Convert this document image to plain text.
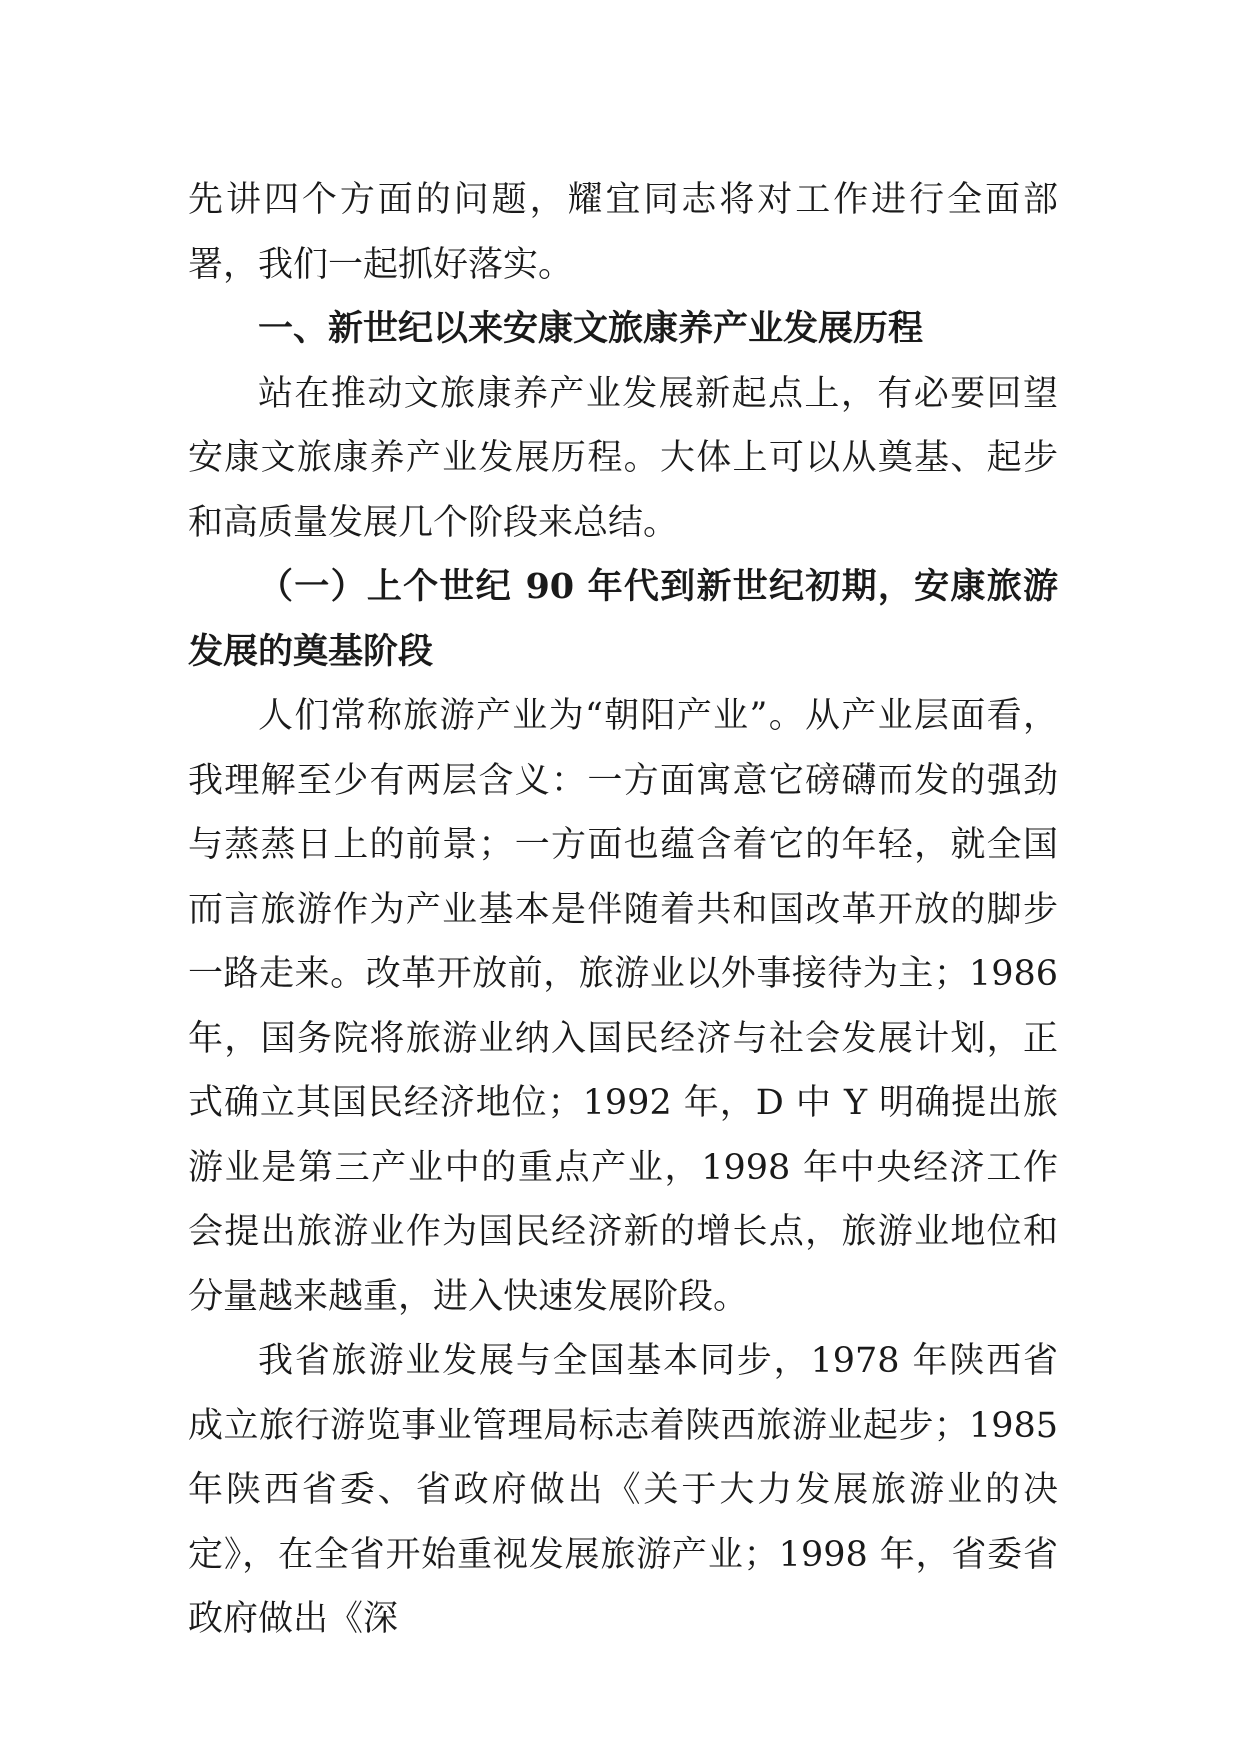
先讲四个方面的问题，耀宜同志将对工作进行全面部署，我们一起抓好落实。

一、新世纪以来安康文旅康养产业发展历程

站在推动文旅康养产业发展新起点上，有必要回望安康文旅康养产业发展历程。大体上可以从奠基、起步和高质量发展几个阶段来总结。

（一）上个世纪 90 年代到新世纪初期，安康旅游发展的奠基阶段

人们常称旅游产业为“朝阳产业”。从产业层面看，我理解至少有两层含义：一方面寓意它磅礴而发的强劲与蒸蒸日上的前景；一方面也蕴含着它的年轻，就全国而言旅游作为产业基本是伴随着共和国改革开放的脚步一路走来。改革开放前，旅游业以外事接待为主；1986 年，国务院将旅游业纳入国民经济与社会发展计划，正式确立其国民经济地位；1992 年，D 中 Y 明确提出旅游业是第三产业中的重点产业，1998 年中央经济工作会提出旅游业作为国民经济新的增长点，旅游业地位和分量越来越重，进入快速发展阶段。

我省旅游业发展与全国基本同步，1978 年陕西省成立旅行游览事业管理局标志着陕西旅游业起步；1985 年陕西省委、省政府做出《关于大力发展旅游业的决定》，在全省开始重视发展旅游产业；1998 年，省委省政府做出《深
